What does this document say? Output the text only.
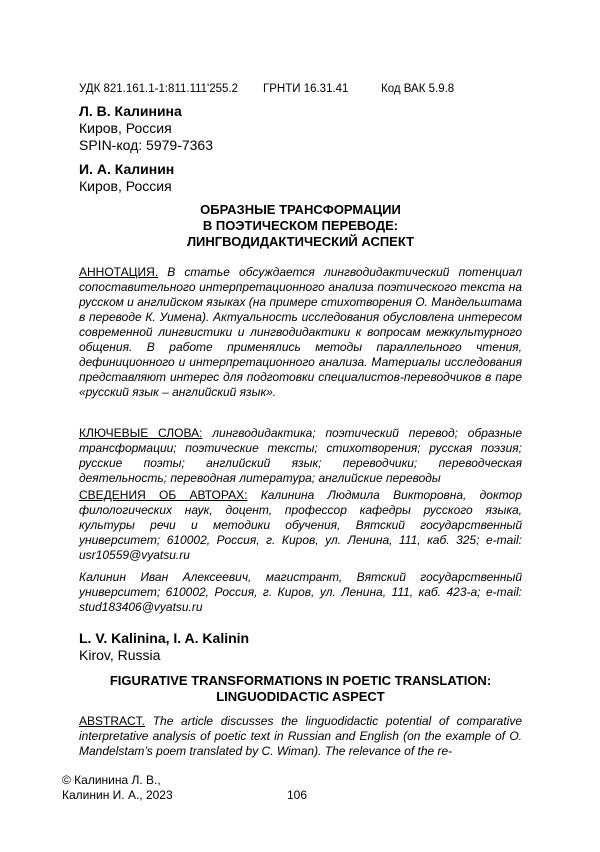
УДК 821.161.1-1:811.111'255.2	ГРНТИ 16.31.41	Код ВАК 5.9.8
Л. В. Калинина
Киров, Россия
SPIN-код: 5979-7363
И. А. Калинин
Киров, Россия
ОБРАЗНЫЕ ТРАНСФОРМАЦИИ
В ПОЭТИЧЕСКОМ ПЕРЕВОДЕ:
ЛИНГВОДИДАКТИЧЕСКИЙ АСПЕКТ
АННОТАЦИЯ. В статье обсуждается лингводидактический потенциал сопоставительного интерпретационного анализа поэтического текста на русском и английском языках (на примере стихотворения О. Мандельштама в переводе К. Уимена). Актуальность исследования обусловлена интересом современной лингвистики и лингводидактики к вопросам межкультурного общения. В работе применялись методы параллельного чтения, дефиниционного и интерпретационного анализа. Материалы исследования представляют интерес для подготовки специалистов-переводчиков в паре «русский язык – английский язык».
КЛЮЧЕВЫЕ СЛОВА: лингводидактика; поэтический перевод; образные трансформации; поэтические тексты; стихотворения; русская поэзия; русские поэты; английский язык; переводчики; переводческая деятельность; переводная литература; английские переводы
СВЕДЕНИЯ ОБ АВТОРАХ: Калинина Людмила Викторовна, доктор филологических наук, доцент, профессор кафедры русского языка, культуры речи и методики обучения, Вятский государственный университет; 610002, Россия, г. Киров, ул. Ленина, 111, каб. 325; e-mail: usr10559@vyatsu.ru
Калинин Иван Алексеевич, магистрант, Вятский государственный университет; 610002, Россия, г. Киров, ул. Ленина, 111, каб. 423-а; e-mail: stud183406@vyatsu.ru
L. V. Kalinina, I. A. Kalinin
Kirov, Russia
FIGURATIVE TRANSFORMATIONS IN POETIC TRANSLATION:
LINGUODIDACTIC ASPECT
ABSTRACT. The article discusses the linguodidactic potential of comparative interpretative analysis of poetic text in Russian and English (on the example of O. Mandelstam’s poem translated by C. Wiman). The relevance of the re-
© Калинина Л. В.,
Калинин И. А., 2023	106
